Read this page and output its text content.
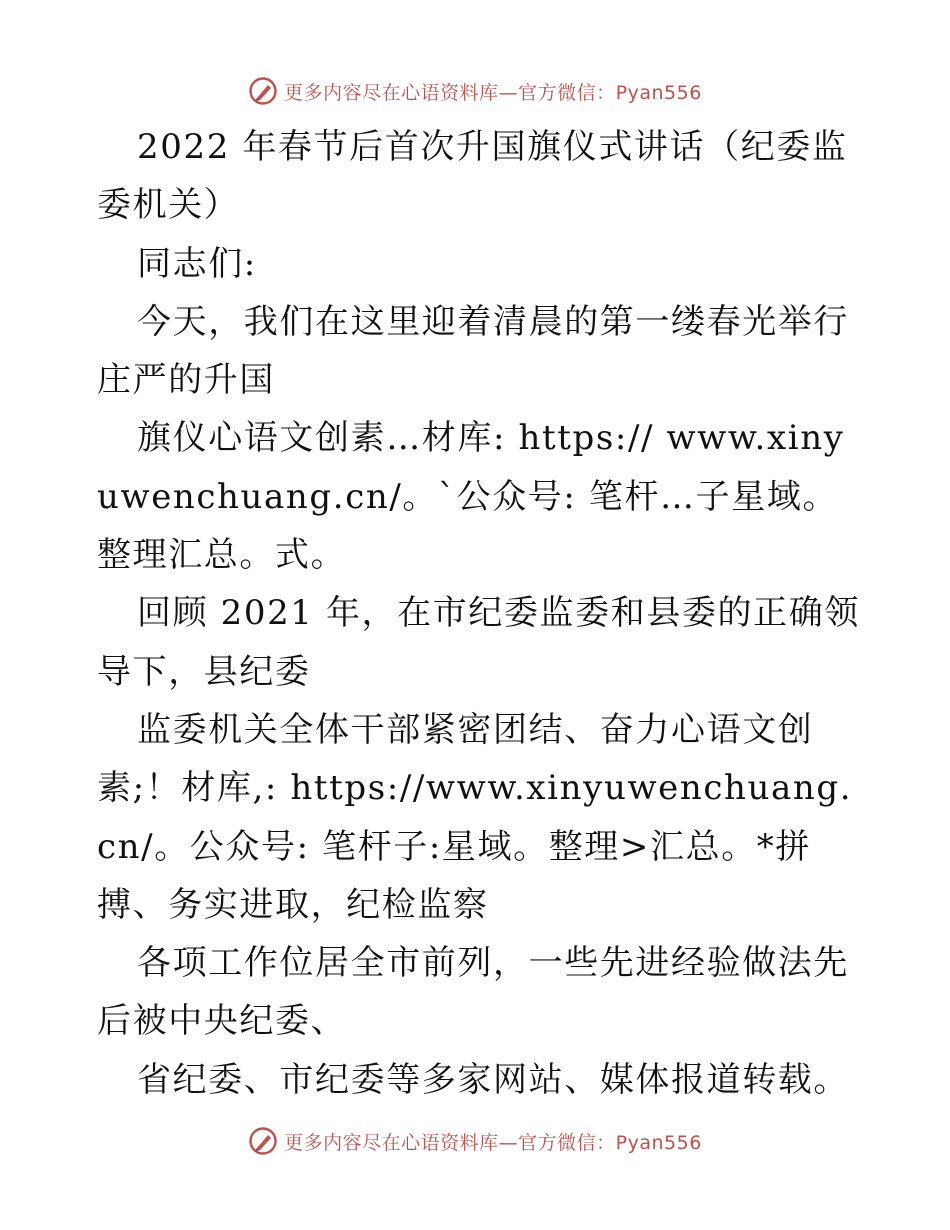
更多内容尽在心语资料库—官方微信：Pyan556

2022 年春节后首次升国旗仪式讲话（纪委监委机关）

同志们:

今天，我们在这里迎着清晨的第一缕春光举行庄严的升国

旗仪心语文创素…材库: https:// www.xinyuwenchuang.cn/。`公众号: 笔杆…子星域。整理汇总。式。

回顾 2021 年，在市纪委监委和县委的正确领导下，县纪委

监委机关全体干部紧密团结、奋力心语文创素;！材库,: https://www.xinyuwenchuang.cn/。公众号: 笔杆子:星域。整理>汇总。*拼搏、务实进取，纪检监察

各项工作位居全市前列，一些先进经验做法先后被中央纪委、

省纪委、市纪委等多家网站、媒体报道转载。

更多内容尽在心语资料库—官方微信：Pyan556
